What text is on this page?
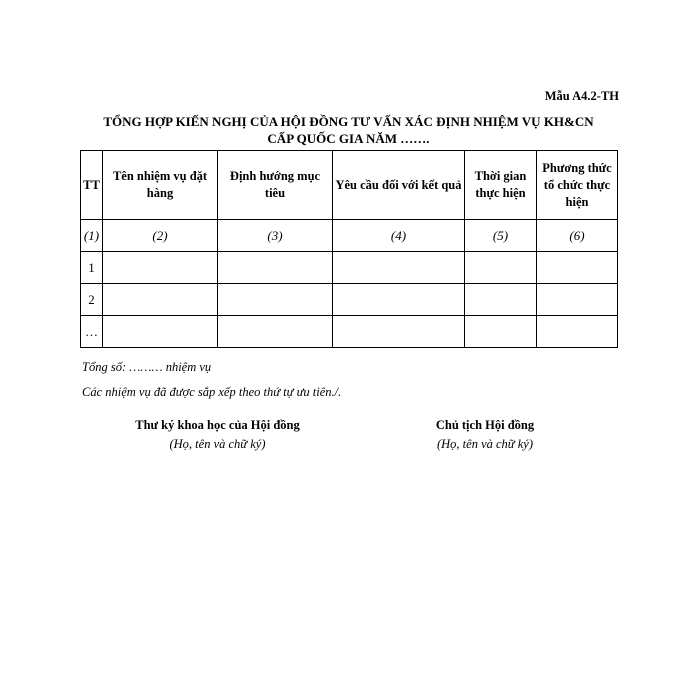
Mẫu A4.2-TH
TỔNG HỢP KIẾN NGHỊ CỦA HỘI ĐỒNG TƯ VẤN XÁC ĐỊNH NHIỆM VỤ KH&CN
CẤP QUỐC GIA NĂM …….
TT	Tên nhiệm vụ đặt hàng	Định hướng mục tiêu	Yêu cầu đối với kết quả	Thời gian thực hiện	Phương thức tổ chức thực hiện
(1)	(2)	(3)	(4)	(5)	(6)
1					
2					
…					
Tổng số: ……… nhiệm vụ
Các nhiệm vụ đã được sắp xếp theo thứ tự ưu tiên./.
Thư ký khoa học của Hội đồng
(Họ, tên và chữ ký)
Chủ tịch Hội đồng
(Họ, tên và chữ ký)
